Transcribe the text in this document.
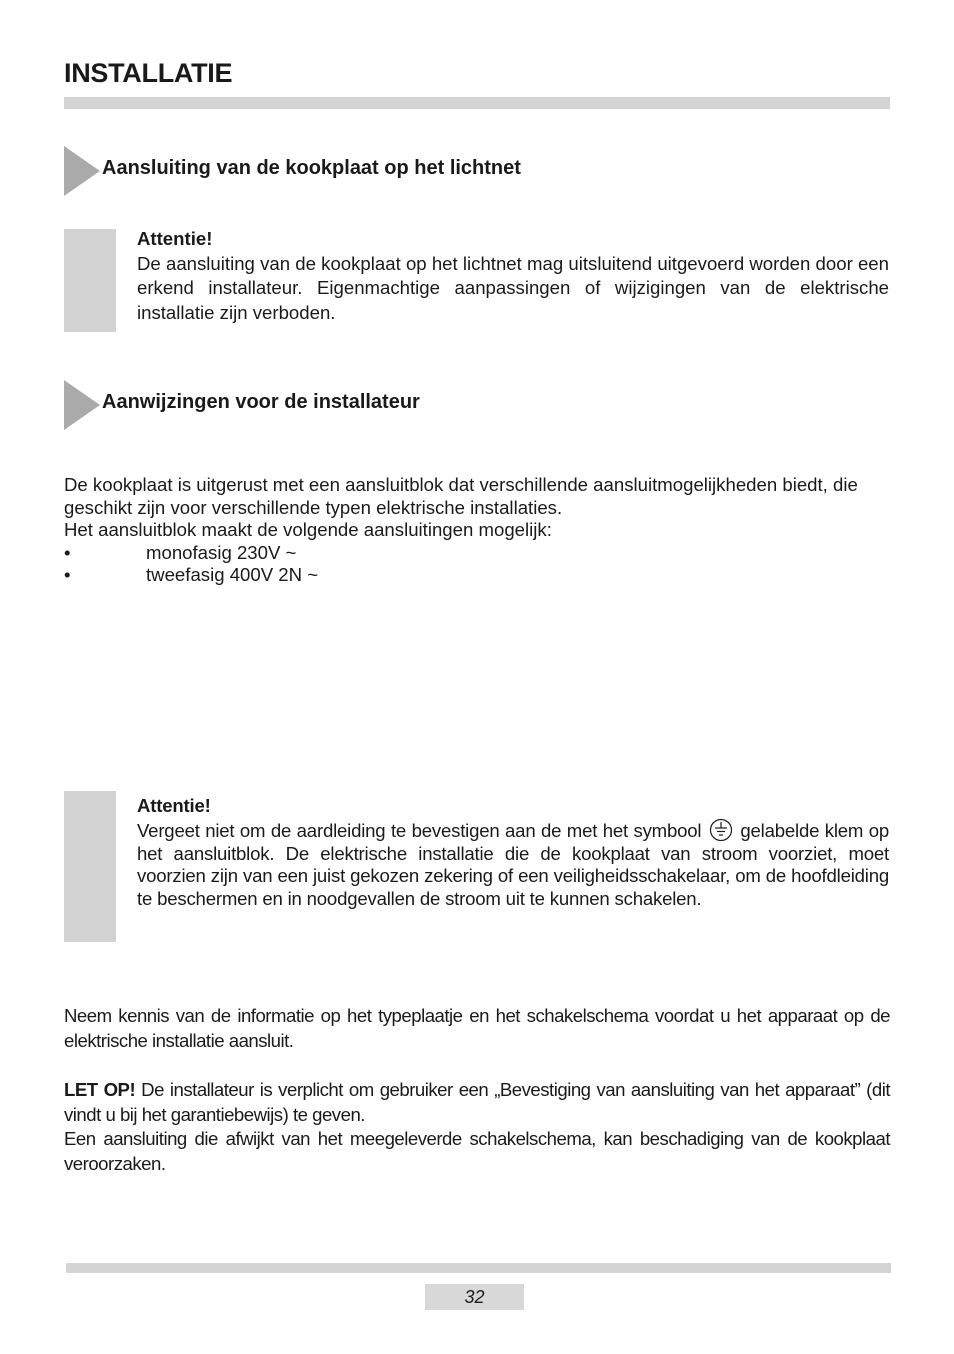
INSTALLATIE
Aansluiting van de kookplaat op het lichtnet
Attentie!
De aansluiting van de kookplaat op het lichtnet mag uitsluitend uitgevoerd worden door een erkend installateur. Eigenmachtige aanpassingen of wijzigingen van de elektrische installatie zijn verboden.
Aanwijzingen voor de installateur
De kookplaat is uitgerust met een aansluitblok dat verschillende aansluitmogelijkheden biedt, die geschikt zijn voor verschillende typen elektrische installaties.
Het aansluitblok maakt de volgende aansluitingen mogelijk:
•	monofasig 230V ~
•	tweefasig 400V 2N ~
Attentie!
Vergeet niet om de aardleiding te bevestigen aan de met het symbool gelabelde klem op het aansluitblok. De elektrische installatie die de kookplaat van stroom voorziet, moet voorzien zijn van een juist gekozen zekering of een veiligheidsschakelaar, om de hoofdleiding te beschermen en in noodgevallen de stroom uit te kunnen schakelen.
Neem kennis van de informatie op het typeplaatje en het schakelschema voordat u het apparaat op de elektrische installatie aansluit.
LET OP! De installateur is verplicht om gebruiker een „Bevestiging van aansluiting van het apparaat” (dit vindt u bij het garantiebewijs) te geven.
Een aansluiting die afwijkt van het meegeleverde schakelschema, kan beschadiging van de kookplaat veroorzaken.
32
